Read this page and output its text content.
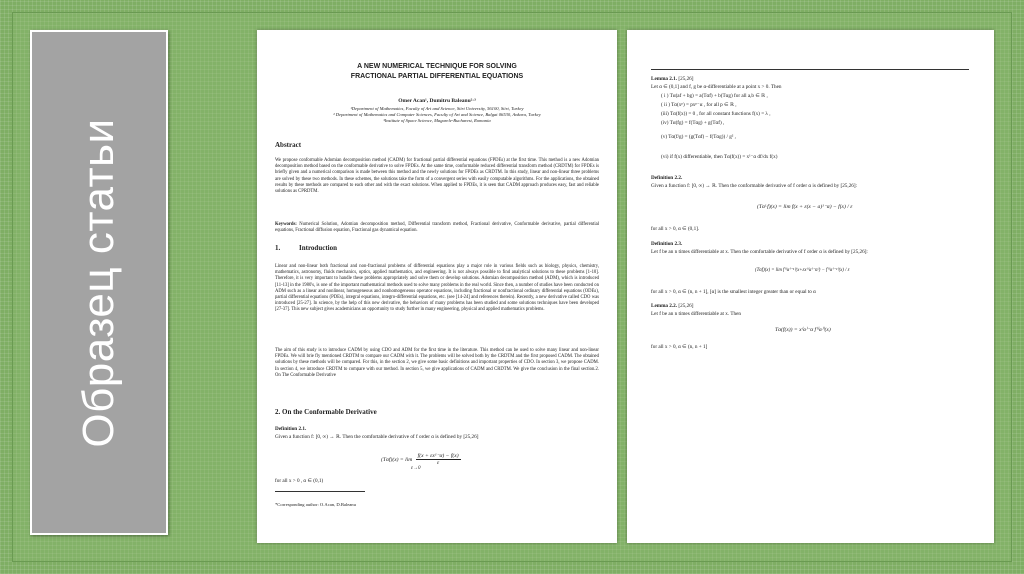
Образец статьи
A NEW NUMERICAL TECHNIQUE FOR SOLVING
FRACTIONAL PARTIAL DIFFERENTIAL EQUATIONS
Omer Acan¹, Dumitru Baleanu²·³
¹Department of Mathematics, Faculty of Art and Science, Siirt University, 56100, Siirt, Turkey
² Department of Mathematics and Computer Sciences, Faculty of Art and Science, Balgat 06530, Ankara, Turkey
³Institute of Space Science, Magurele-Bucharest, Romania
Abstract
We propose conformable Adomian decomposition method (CADM) for fractional partial differential equations (FPDEs) at the first time. This method is a new Adomian decomposition method based on the conformable derivative to solve FPDEs. At the same time, conformable reduced differential transform method (CRDTM) for FPDEs is briefly given and a numerical comparison is made between this method and the newly solutions for FPDEs as CRDTM. In this study, linear and non-linear three problems are solved by these two methods. In these schemes, the solutions take the form of a convergent series with easily computable algorithms. For the applications, the obtained results by these methods are compared to each other and with the exact solutions. When applied to FPDEs, it is seen that CADM approach produces easy, fast and reliable solutions as CPRDTM.
Keywords: Numerical Solution, Adomian decomposition method, Differential transform method, Fractional derivative, Conformable derivative, partial differential equations, Fractional diffusion equation, Fractional gas dynamical equation.
1.	Introduction
Linear and non-linear both fractional and non-fractional problems of differential equations play a major role in various fields such as biology, physics, chemistry, mathematics, astronomy, fluids mechanics, optics, applied mathematics, and engineering. It is not always possible to find analytical solutions to these problems [1-10]. Therefore, it is very important to handle these problems appropriately and solve them or develop solutions. Adomian decomposition method (ADM), which is introduced [11-13] in the 1980's, is one of the important mathematical methods used to solve many problems in the real world. Since then, a number of studies have been conducted on ADM such as a linear and nonlinear, homogeneous and nonhomogeneous operator equations, including fractional or nonfractional ordinary differential equations (ODEs), partial differential equations (PDEs), integral equations, integro-differential equations, etc. (see [14-24] and references therein). Recently, a new derivative called CDO was introduced [25-27]. In science, by the help of this new derivative, the behaviors of many problems has been studied and some solutions techniques have been developed [27-37]. This new subject gives academicians an opportunity to study further in many engineering, physical and applied mathematics problems.
The aim of this study is to introduce CADM by using CDO and ADM for the first time in the literature. This method can be used to solve many linear and non-linear FPDEs. We will brie fly mentioned CRDTM to compare our CADM with it. The problems will be solved both by the CRDTM and the first proposed CADM. The obtained solutions by these methods will be compared. For this, in the section 2, we give some basic definitions and important properties of CDO. In section 3, we propose CADM. In section 4, we introduce CRDTM to compare with our method. In section 5, we give applications of CADM and CRDTM. We give the conclusion in the final section.2. On The Conformable Derivative
2. On the Conformable Derivative
Definition 2.1.
Given a function f: [0, ∞) → ℝ. Then the comfortable derivative of f order α is defined by [25,26]
$(T\alpha f)(x) = \lim \frac{\text{f(x + εx¹⁻α) − f(x)}}{\varepsilon}$
ε→0
for all x > 0 , α ∈ (0,1)
*Corresponding author: O.Acan, D.Baleanu
Lemma 2.1. [25,26]
Let α ∈ (0,1] and f, g be α-differentiable at a point x > 0. Then
( i ) Tα(af + bg) = a(Tαf) + b(Tαg) for all a,b ∈ ℝ ,
( ii ) Tα(xᵖ) = pxᵖ⁻α , for all p ∈ ℝ ,
(iii) Tα(f(x)) = 0 , for all constant functions f(x) = λ ,
(iv) Tα(fg) = f(Tαg) + g(Tαf) ,
(v) Tα(f/g) = (g(Tαf) − f(Tαg)) / g² ,
(vi) if f(x) differentiable, then Tα(f(x)) = x¹⁻α df/dx f(x)
Definition 2.2.
Given a function f: [0, ∞) → ℝ. Then the conformable derivative of f order α is defined by [25,26]:
(Tαᴸf)(x) = lim f(x + ε(x − a)¹⁻α) − f(x) / ε
for all x > 0, α ∈ (0,1].
Definition 2.3.
Let f be an n times differentiable at x. Then the comfortable derivative of f order α is defined by [25,26]:
(Tαf)(x) = lim f⁽⁽α⁾⁻¹⁾(x+εx⁽⁽α⁾⁻α⁾) − f⁽⁽α⁾⁻¹⁾(x) / ε
for all x > 0, α ∈ (n, n + 1], [α] is the smallest integer greater than or equal to α
Lemma 2.2. [25,26]
Let f be an n times differentiable at x. Then
Tα(f(x)) = x⁽α⁾⁻α f⁽⁽α⁾⁾(x)
for all x > 0, α ∈ (n, n + 1]
